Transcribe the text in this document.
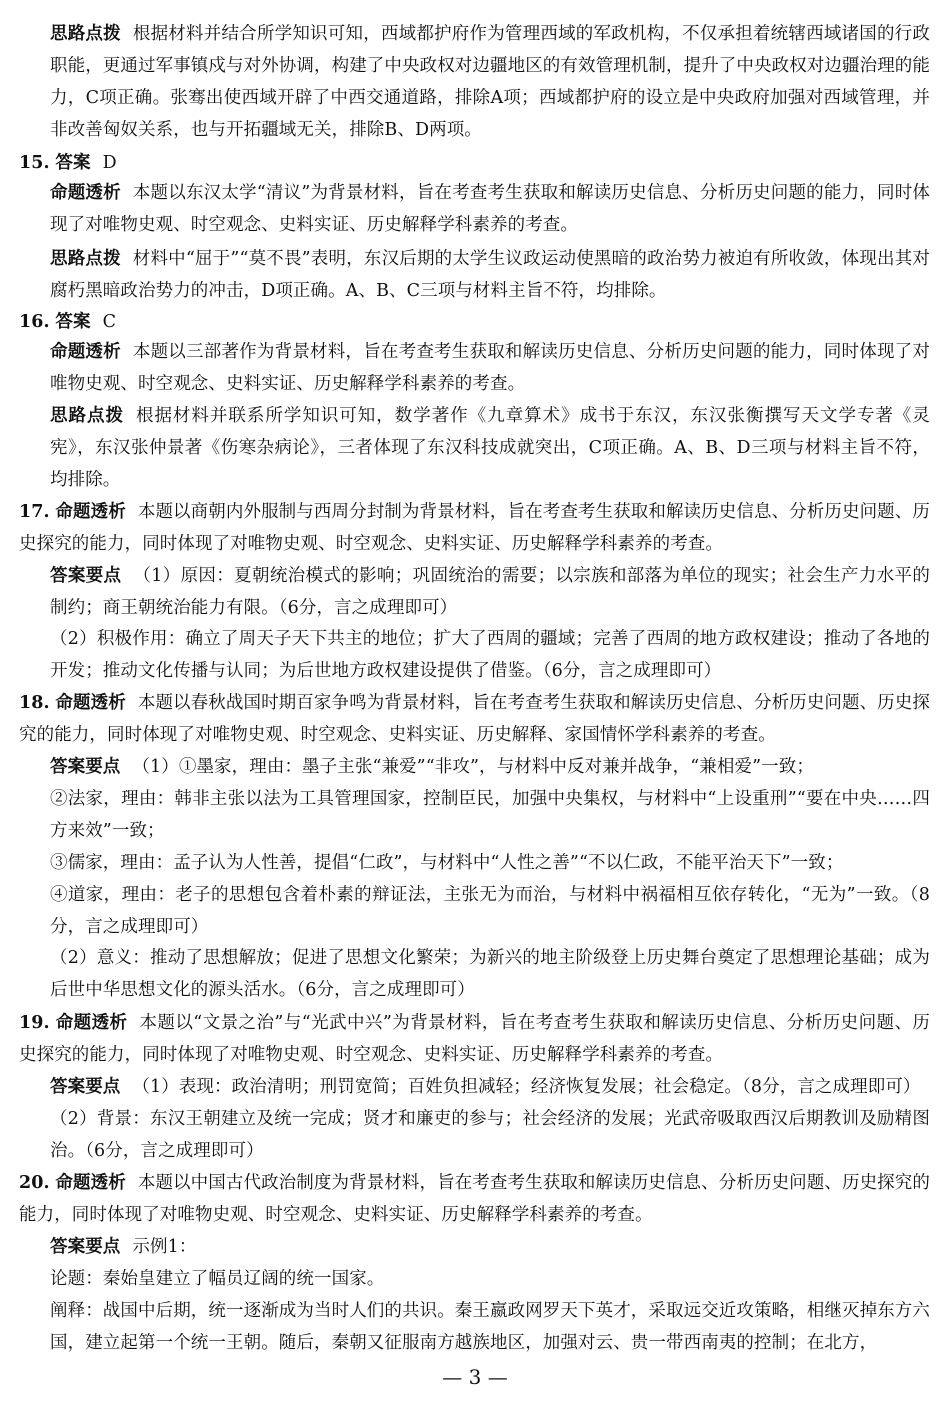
思路点拨 根据材料并结合所学知识可知，西域都护府作为管理西域的军政机构，不仅承担着统辖西域诸国的行政职能，更通过军事镇戍与对外协调，构建了中央政权对边疆地区的有效管理机制，提升了中央政权对边疆治理的能力，C项正确。张骞出使西域开辟了中西交通道路，排除A项；西域都护府的设立是中央政府加强对西域管理，并非改善匈奴关系，也与开拓疆域无关，排除B、D两项。
15. 答案 D
命题透析 本题以东汉太学“清议”为背景材料，旨在考查考生获取和解读历史信息、分析历史问题的能力，同时体现了对唯物史观、时空观念、史料实证、历史解释学科素养的考查。
思路点拨 材料中“屈于”“莫不畏”表明，东汉后期的太学生议政运动使黑暗的政治势力被迫有所收敛，体现出其对腐朽黑暗政治势力的冲击，D项正确。A、B、C三项与材料主旨不符，均排除。
16. 答案 C
命题透析 本题以三部著作为背景材料，旨在考查考生获取和解读历史信息、分析历史问题的能力，同时体现了对唯物史观、时空观念、史料实证、历史解释学科素养的考查。
思路点拨 根据材料并联系所学知识可知，数学著作《九章算术》成书于东汉，东汉张衡撰写天文学专著《灵宪》，东汉张仲景著《伤寒杂病论》，三者体现了东汉科技成就突出，C项正确。A、B、D三项与材料主旨不符，均排除。
17. 命题透析 本题以商朝内外服制与西周分封制为背景材料，旨在考查考生获取和解读历史信息、分析历史问题、历史探究的能力，同时体现了对唯物史观、时空观念、史料实证、历史解释学科素养的考查。
答案要点 （1）原因：夏朝统治模式的影响；巩固统治的需要；以宗族和部落为单位的现实；社会生产力水平的制约；商王朝统治能力有限。（6分，言之成理即可）
（2）积极作用：确立了周天子天下共主的地位；扩大了西周的疆域；完善了西周的地方政权建设；推动了各地的开发；推动文化传播与认同；为后世地方政权建设提供了借鉴。（6分，言之成理即可）
18. 命题透析 本题以春秋战国时期百家争鸣为背景材料，旨在考查考生获取和解读历史信息、分析历史问题、历史探究的能力，同时体现了对唯物史观、时空观念、史料实证、历史解释、家国情怀学科素养的考查。
答案要点 （1）①墨家，理由：墨子主张“兼爱”“非攻”，与材料中反对兼并战争，“兼相爱”一致；
②法家，理由：韩非主张以法为工具管理国家，控制臣民，加强中央集权，与材料中“上设重刑”“要在中央……四方来效”一致；
③儒家，理由：孟子认为人性善，提倡“仁政”，与材料中“人性之善”“不以仁政，不能平治天下”一致；
④道家，理由：老子的思想包含着朴素的辩证法，主张无为而治，与材料中祸福相互依存转化，“无为”一致。（8分，言之成理即可）
（2）意义：推动了思想解放；促进了思想文化繁荣；为新兴的地主阶级登上历史舞台奠定了思想理论基础；成为后世中华思想文化的源头活水。（6分，言之成理即可）
19. 命题透析 本题以“文景之治”与“光武中兴”为背景材料，旨在考查考生获取和解读历史信息、分析历史问题、历史探究的能力，同时体现了对唯物史观、时空观念、史料实证、历史解释学科素养的考查。
答案要点 （1）表现：政治清明；刑罚宽简；百姓负担减轻；经济恢复发展；社会稳定。（8分，言之成理即可）
（2）背景：东汉王朝建立及统一完成；贤才和廉吏的参与；社会经济的发展；光武帝吸取西汉后期教训及励精图治。（6分，言之成理即可）
20. 命题透析 本题以中国古代政治制度为背景材料，旨在考查考生获取和解读历史信息、分析历史问题、历史探究的能力，同时体现了对唯物史观、时空观念、史料实证、历史解释学科素养的考查。
答案要点 示例1：
论题：秦始皇建立了幅员辽阔的统一国家。
阐释：战国中后期，统一逐渐成为当时人们的共识。秦王嬴政网罗天下英才，采取远交近攻策略，相继灭掉东方六国，建立起第一个统一王朝。随后，秦朝又征服南方越族地区，加强对云、贵一带西南夷的控制；在北方，
— 3 —
